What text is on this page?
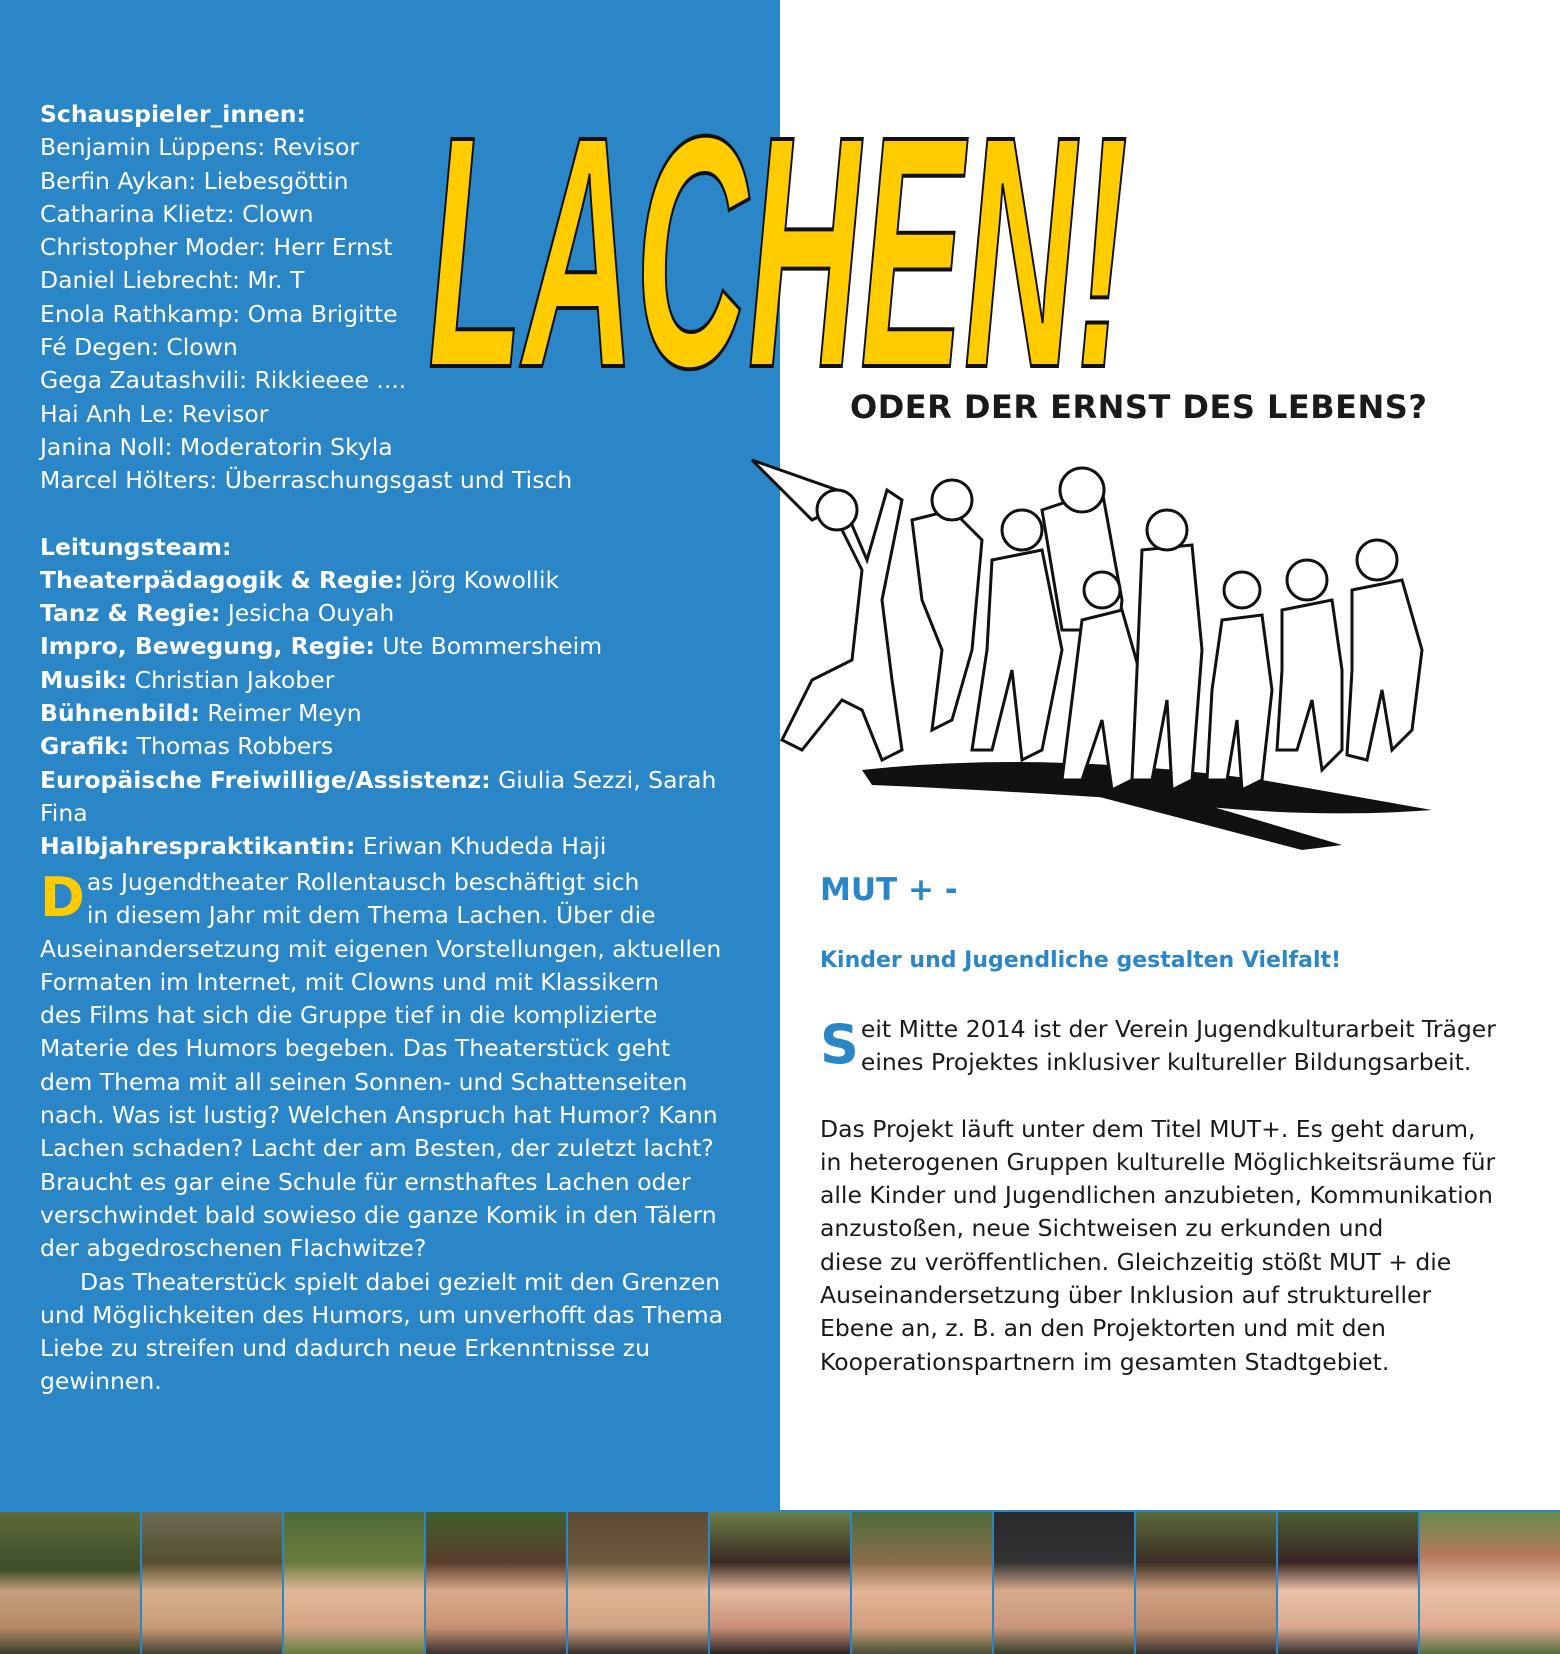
Schauspieler_innen:
Benjamin Lüppens: Revisor
Berfin Aykan: Liebesgöttin
Catharina Klietz: Clown
Christopher Moder: Herr Ernst
Daniel Liebrecht: Mr. T
Enola Rathkamp: Oma Brigitte
Fé Degen: Clown
Gega Zautashvili: Rikkieeee ....
Hai Anh Le: Revisor
Janina Noll: Moderatorin Skyla
Marcel Hölters: Überraschungsgast und Tisch
Leitungsteam:
Theaterpädagogik & Regie: Jörg Kowollik
Tanz & Regie: Jesicha Ouyah
Impro, Bewegung, Regie: Ute Bommersheim
Musik: Christian Jakober
Bühnenbild: Reimer Meyn
Grafik: Thomas Robbers
Europäische Freiwillige/Assistenz: Giulia Sezzi, Sarah Fina
Halbjahrespraktikantin: Eriwan Khudeda Haji
D as Jugendtheater Rollentausch beschäftigt sich
in diesem Jahr mit dem Thema Lachen. Über die
Auseinandersetzung mit eigenen Vorstellungen, aktuellen
Formaten im Internet, mit Clowns und mit Klassikern
des Films hat sich die Gruppe tief in die komplizierte
Materie des Humors begeben. Das Theaterstück geht
dem Thema mit all seinen Sonnen- und Schattenseiten
nach. Was ist lustig? Welchen Anspruch hat Humor? Kann
Lachen schaden? Lacht der am Besten, der zuletzt lacht?
Braucht es gar eine Schule für ernsthaftes Lachen oder
verschwindet bald sowieso die ganze Komik in den Tälern
der abgedroschenen Flachwitze?
Das Theaterstück spielt dabei gezielt mit den Grenzen
und Möglichkeiten des Humors, um unverhofft das Thema
Liebe zu streifen und dadurch neue Erkenntnisse zu
gewinnen.
LACHEN!
ODER DER ERNST DES LEBENS?
MUT + -
Kinder und Jugendliche gestalten Vielfalt!
S eit Mitte 2014 ist der Verein Jugendkulturarbeit Träger
eines Projektes inklusiver kultureller Bildungsarbeit.
Das Projekt läuft unter dem Titel MUT+. Es geht darum,
in heterogenen Gruppen kulturelle Möglichkeitsräume für
alle Kinder und Jugendlichen anzubieten, Kommunikation
anzustoßen, neue Sichtweisen zu erkunden und
diese zu veröffentlichen. Gleichzeitig stößt MUT + die
Auseinandersetzung über Inklusion auf struktureller
Ebene an, z. B. an den Projektorten und mit den
Kooperationspartnern im gesamten Stadtgebiet.
